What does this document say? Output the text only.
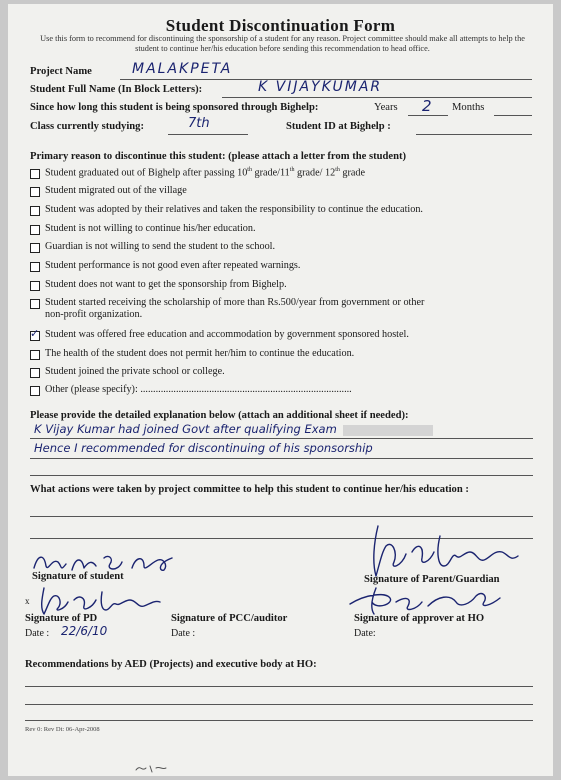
Student Discontinuation Form
Use this form to recommend for discontinuing the sponsorship of a student for any reason. Project committee should make all attempts to help the student to continue her/his education before sending this recommendation to head office.
Project Name	MALAKPETA
Student Full Name (In Block Letters):	K VIJAYKUMAR
Since how long this student is being sponsored through Bighelp:	Years 2 Months
Class currently studying:	7th	Student ID at Bighelp :
Primary reason to discontinue this student: (please attach a letter from the student)
Student graduated out of Bighelp after passing 10th grade/11th grade/ 12th grade
Student migrated out of the village
Student was adopted by their relatives and taken the responsibility to continue the education.
Student is not willing to continue his/her education.
Guardian is not willing to send the student to the school.
Student performance is not good even after repeated warnings.
Student does not want to get the sponsorship from Bighelp.
Student started receiving the scholarship of more than Rs.500/year from government or other
non-profit organization.
✓
Student was offered free education and accommodation by government sponsored hostel.
The health of the student does not permit her/him to continue the education.
Student joined the private school or college.
Other (please specify): ...................................................................................
Please provide the detailed explanation below (attach an additional sheet if needed):
K Vijay Kumar had joined Govt after qualifying Exam
Hence I recommended for discontinuing of his sponsorship
What actions were taken by project committee to help this student to continue her/his education :
Signature of student	Signature of Parent/Guardian
x
Signature of PD
Date : 22/6/10
Signature of PCC/auditor
Date :
Signature of approver at HO
Date:
Recommendations by AED (Projects) and executive body at HO:
Rev 0: Rev Dt: 06-Apr-2008
